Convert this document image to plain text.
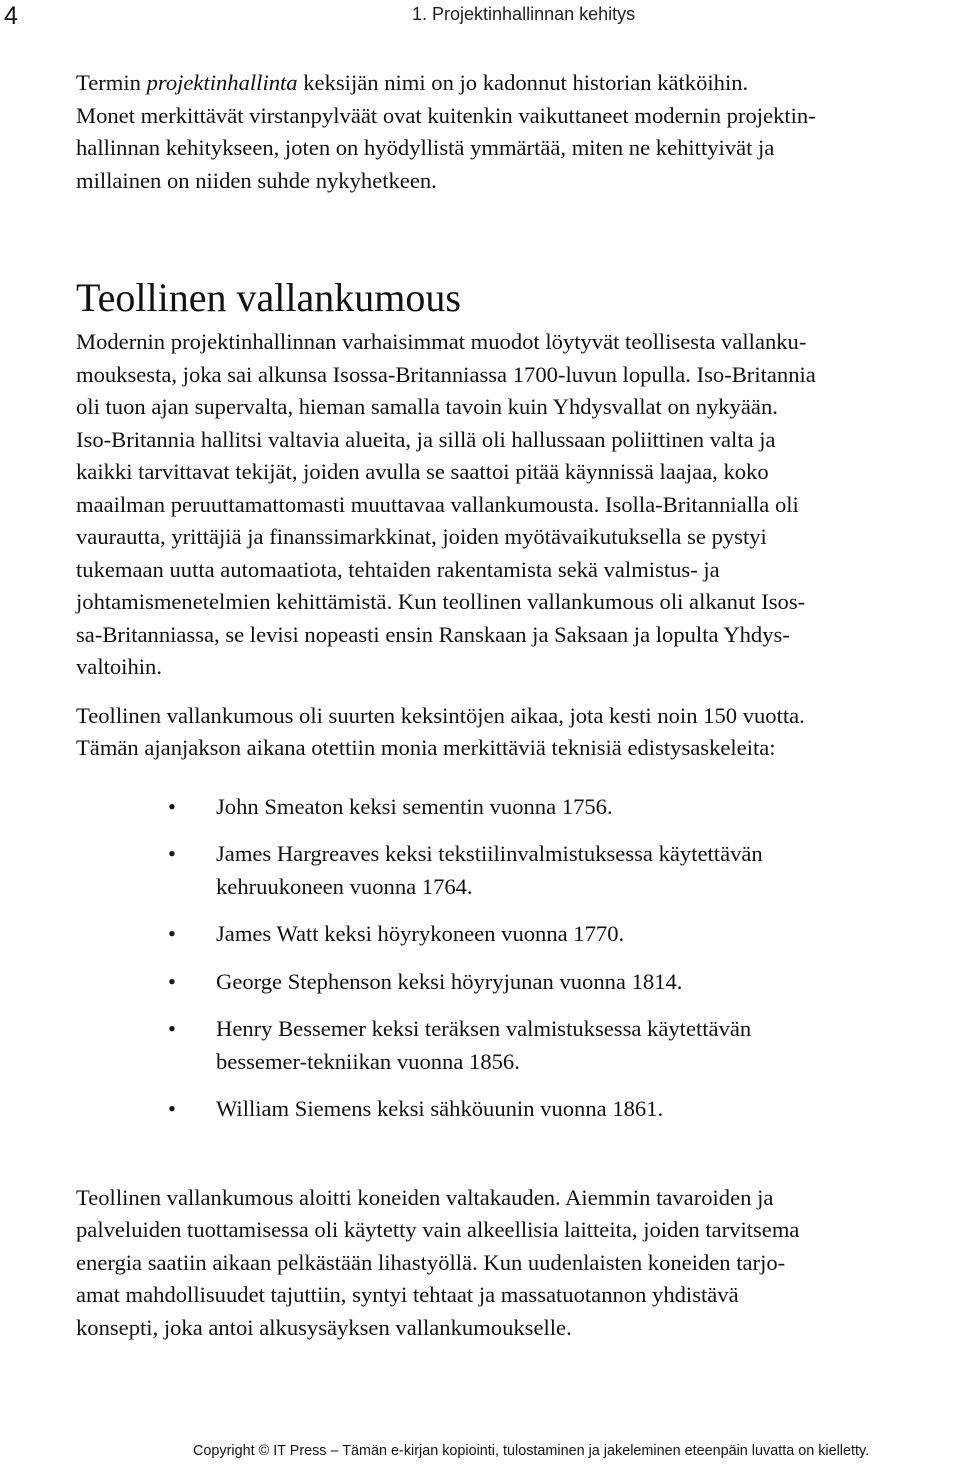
4	1. Projektinhallinnan kehitys
Termin projektinhallinta keksijän nimi on jo kadonnut historian kätköihin.
Monet merkittävät virstanpylväät ovat kuitenkin vaikuttaneet modernin projektin-
hallinnan kehitykseen, joten on hyödyllistä ymmärtää, miten ne kehittyivät ja
millainen on niiden suhde nykyhetkeen.
Teollinen vallankumous
Modernin projektinhallinnan varhaisimmat muodot löytyvät teollisesta vallanku-
mouksesta, joka sai alkunsa Isossa-Britanniassa 1700-luvun lopulla. Iso-Britannia
oli tuon ajan supervalta, hieman samalla tavoin kuin Yhdysvallat on nykyään.
Iso-Britannia hallitsi valtavia alueita, ja sillä oli hallussaan poliittinen valta ja
kaikki tarvittavat tekijät, joiden avulla se saattoi pitää käynnissä laajaa, koko
maailman peruuttamattomasti muuttavaa vallankumousta. Isolla-Britannialla oli
vaurautta, yrittäjiä ja finanssimarkkinat, joiden myötävaikutuksella se pystyi
tukemaan uutta automaatiota, tehtaiden rakentamista sekä valmistus- ja
johtamismenetelmien kehittämistä. Kun teollinen vallankumous oli alkanut Isos-
sa-Britanniassa, se levisi nopeasti ensin Ranskaan ja Saksaan ja lopulta Yhdys-
valtoihin.
Teollinen vallankumous oli suurten keksintöjen aikaa, jota kesti noin 150 vuotta.
Tämän ajanjakson aikana otettiin monia merkittäviä teknisiä edistysaskeleita:
• John Smeaton keksi sementin vuonna 1756.
• James Hargreaves keksi tekstiilinvalmistuksessa käytettävän
kehruukoneen vuonna 1764.
• James Watt keksi höyrykoneen vuonna 1770.
• George Stephenson keksi höyryjunan vuonna 1814.
• Henry Bessemer keksi teräksen valmistuksessa käytettävän
bessemer-tekniikan vuonna 1856.
• William Siemens keksi sähköuunin vuonna 1861.
Teollinen vallankumous aloitti koneiden valtakauden. Aiemmin tavaroiden ja
palveluiden tuottamisessa oli käytetty vain alkeellisia laitteita, joiden tarvitsema
energia saatiin aikaan pelkästään lihastyöllä. Kun uudenlaisten koneiden tarjo-
amat mahdollisuudet tajuttiin, syntyi tehtaat ja massatuotannon yhdistävä
konsepti, joka antoi alkusysäyksen vallankumoukselle.
Copyright © IT Press – Tämän e-kirjan kopiointi, tulostaminen ja jakeleminen eteenpäin luvatta on kielletty.
